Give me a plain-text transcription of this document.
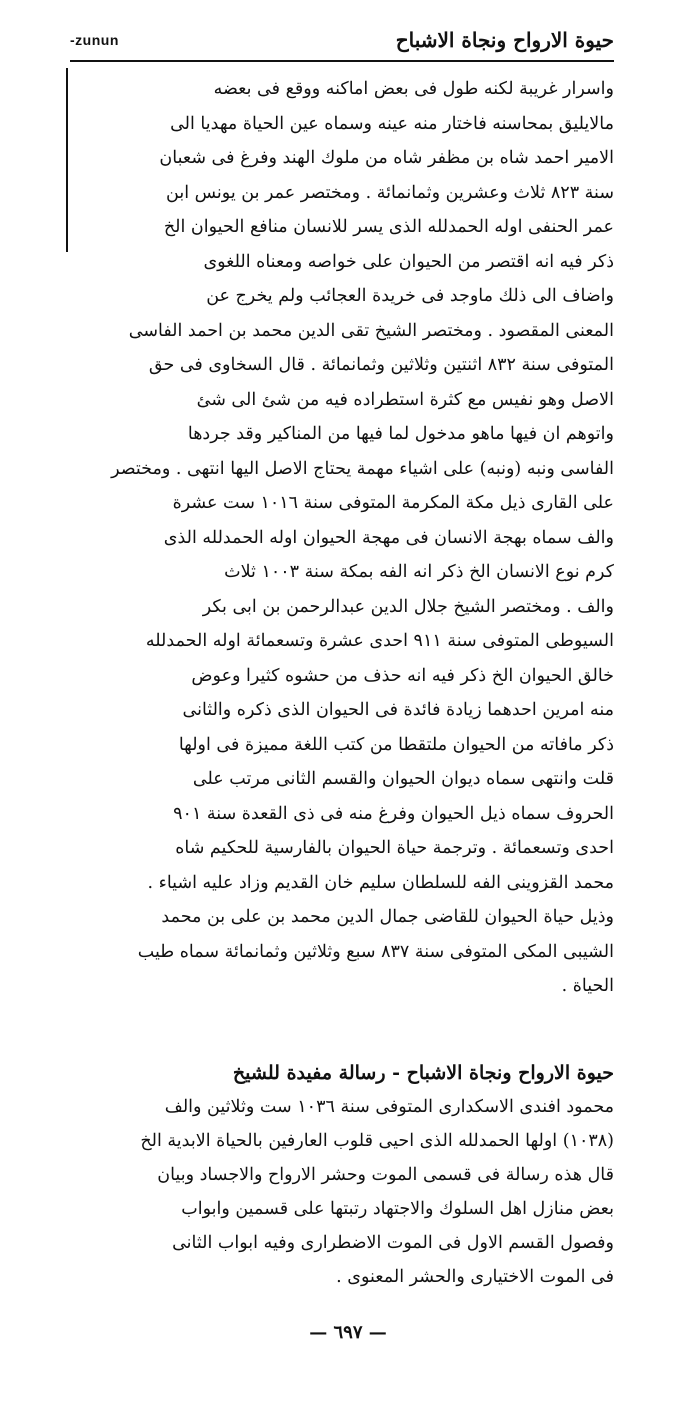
-zunun	حيوة الارواح ونجاة الاشباح
واسرار غريبة لكنه طول فى بعض اماكنه ووقع فى بعضه
مالايليق بمحاسنه فاختار منه عينه وسماه عين الحياة مهديا الى
الامير احمد شاه بن مظفر شاه من ملوك الهند وفرغ فى شعبان
سنة ٨٢٣ ثلاث وعشرين وثمانمائة . ومختصر عمر بن يونس ابن
عمر الحنفى اوله الحمدلله الذى يسر للانسان منافع الحيوان الخ
ذكر فيه انه اقتصر من الحيوان على خواصه ومعناه اللغوى
واضاف الى ذلك ماوجد فى خريدة العجائب ولم يخرج عن
المعنى المقصود . ومختصر الشيخ تقى الدين محمد بن احمد الفاسى
المتوفى سنة ٨٣٢ اثنتين وثلاثين وثمانمائة . قال السخاوى فى حق
الاصل وهو نفيس مع كثرة استطراده فيه من شئ الى شئ
واتوهم ان فيها ماهو مدخول لما فيها من المناكير وقد جردها
الفاسى ونبه (ونبه) على اشياء مهمة يحتاج الاصل اليها انتهى . ومختصر
على القارى ذيل مكة المكرمة المتوفى سنة ١٠١٦ ست عشرة
والف سماه بهجة الانسان فى مهجة الحيوان اوله الحمدلله الذى
كرم نوع الانسان الخ ذكر انه الفه بمكة سنة ١٠٠٣ ثلاث
والف . ومختصر الشيخ جلال الدين عبدالرحمن بن ابى بكر
السيوطى المتوفى سنة ٩١١ احدى عشرة وتسعمائة اوله الحمدلله
خالق الحيوان الخ ذكر فيه انه حذف من حشوه كثيرا وعوض
منه امرين احدهما زيادة فائدة فى الحيوان الذى ذكره والثانى
ذكر مافاته من الحيوان ملتقطا من كتب اللغة مميزة فى اولها
قلت وانتهى سماه ديوان الحيوان والقسم الثانى مرتب على
الحروف سماه ذيل الحيوان وفرغ منه فى ذى القعدة سنة ٩٠١
احدى وتسعمائة . وترجمة حياة الحيوان بالفارسية للحكيم شاه
محمد القزوينى الفه للسلطان سليم خان القديم وزاد عليه اشياء .
وذيل حياة الحيوان للقاضى جمال الدين محمد بن على بن محمد
الشيبى المكى المتوفى سنة ٨٣٧ سبع وثلاثين وثمانمائة سماه طيب
الحياة .
حيوة الارواح ونجاة الاشباح - رسالة مفيدة للشيخ
محمود افندى الاسكدارى المتوفى سنة ١٠٣٦ ست وثلاثين والف
(١٠٣٨) اولها الحمدلله الذى احيى قلوب العارفين بالحياة الابدية الخ
قال هذه رسالة فى قسمى الموت وحشر الارواح والاجساد وبيان
بعض منازل اهل السلوك والاجتهاد رتبتها على قسمين وابواب
وفصول القسم الاول فى الموت الاضطرارى وفيه ابواب الثانى
فى الموت الاختيارى والحشر المعنوى .
— ٦٩٧ —
